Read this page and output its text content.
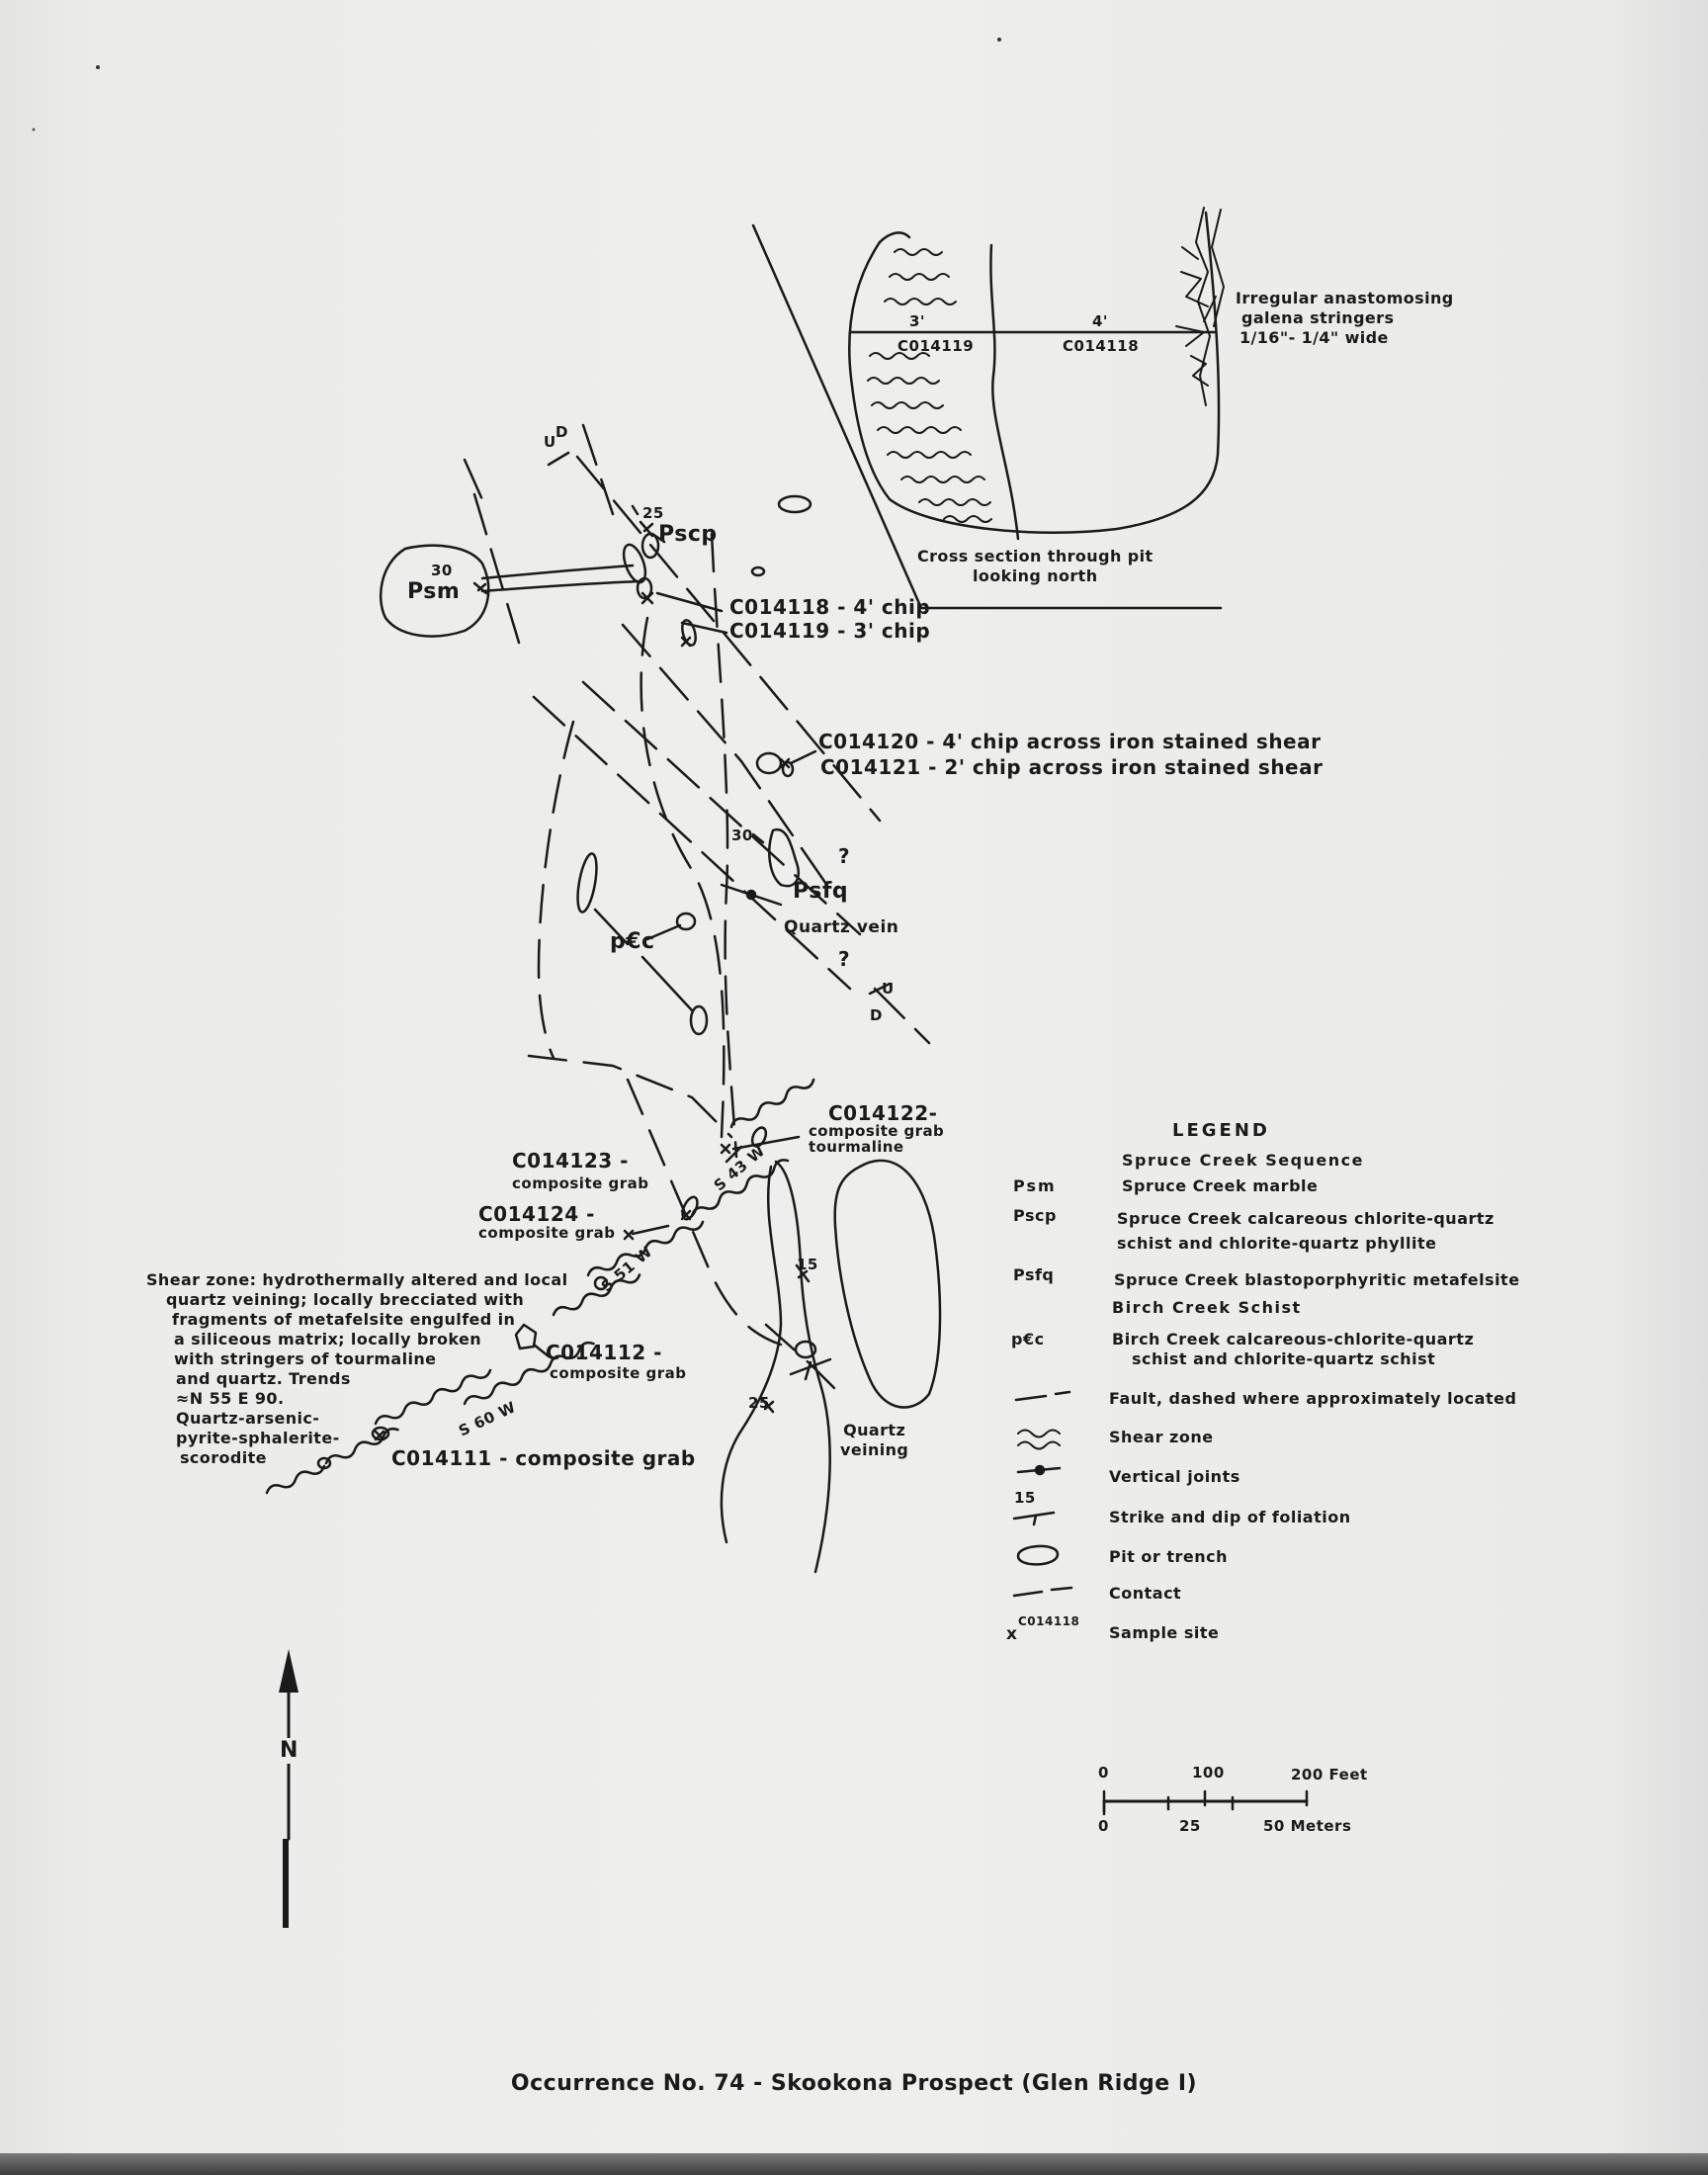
3'	4'
C014119	C014118
Irregular anastomosing
galena stringers
1/16"- 1/4" wide
Cross section through pit
looking north
U
D
25
Pscp
30
Psm
C014118 - 4' chip
C014119 - 3' chip
C014120 - 4' chip across iron stained shear
C014121 - 2' chip across iron stained shear
?
30
Psfq
Quartz vein
p€c
?
U
D
C014122-
composite grab
tourmaline
C014123 -
composite grab
C014124 -
composite grab
S 43 W
S 51 W
S 60 W
C014112 -
composite grab
C014111 - composite grab
15
25
Quartz
veining
Shear zone: hydrothermally altered and local
quartz veining; locally brecciated with
fragments of metafelsite engulfed in
a siliceous matrix; locally broken
with stringers of tourmaline
and quartz. Trends
≈N 55 E 90.
Quartz-arsenic-
pyrite-sphalerite-
scorodite
LEGEND
Spruce Creek Sequence
Psm	Spruce Creek marble
Pscp	Spruce Creek calcareous chlorite-quartz
schist and chlorite-quartz phyllite
Psfq	Spruce Creek blastoporphyritic metafelsite
Birch Creek Schist
p€c	Birch Creek calcareous-chlorite-quartz
schist and chlorite-quartz schist
Fault, dashed where approximately located
Shear zone
Vertical joints
15
Strike and dip of foliation
Pit or trench
Contact
x
C014118
Sample site
0	100	200 Feet
0	25	50 Meters
N
Occurrence No. 74 - Skookona Prospect (Glen Ridge I)
